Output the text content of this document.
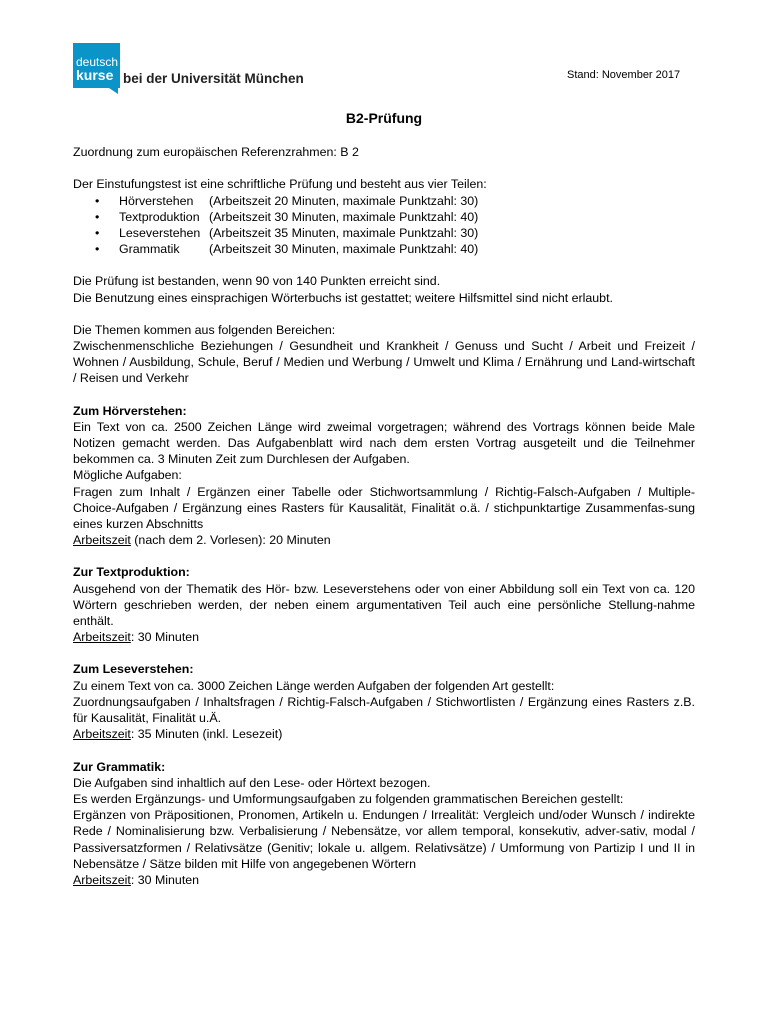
deutsch
kurse bei der Universität München	Stand: November 2017
B2-Prüfung

Zuordnung zum europäischen Referenzrahmen: B 2

Der Einstufungstest ist eine schriftliche Prüfung und besteht aus vier Teilen:

• Hörverstehen (Arbeitszeit 20 Minuten, maximale Punktzahl: 30)
• Textproduktion (Arbeitszeit 30 Minuten, maximale Punktzahl: 40)
• Leseverstehen (Arbeitszeit 35 Minuten, maximale Punktzahl: 30)
• Grammatik (Arbeitszeit 30 Minuten, maximale Punktzahl: 40)

Die Prüfung ist bestanden, wenn 90 von 140 Punkten erreicht sind.

Die Benutzung eines einsprachigen Wörterbuchs ist gestattet; weitere Hilfsmittel sind nicht erlaubt.

Die Themen kommen aus folgenden Bereichen:

Zwischenmenschliche Beziehungen / Gesundheit und Krankheit / Genuss und Sucht / Arbeit und Freizeit / Wohnen / Ausbildung, Schule, Beruf / Medien und Werbung / Umwelt und Klima / Ernährung und Land-wirtschaft / Reisen und Verkehr

Zum Hörverstehen:

Ein Text von ca. 2500 Zeichen Länge wird zweimal vorgetragen; während des Vortrags können beide Male Notizen gemacht werden. Das Aufgabenblatt wird nach dem ersten Vortrag ausgeteilt und die Teilnehmer bekommen ca. 3 Minuten Zeit zum Durchlesen der Aufgaben.

Mögliche Aufgaben:

Fragen zum Inhalt / Ergänzen einer Tabelle oder Stichwortsammlung / Richtig-Falsch-Aufgaben / Multiple-Choice-Aufgaben / Ergänzung eines Rasters für Kausalität, Finalität o.ä. / stichpunktartige Zusammenfas-sung eines kurzen Abschnitts

Arbeitszeit (nach dem 2. Vorlesen): 20 Minuten

Zur Textproduktion:

Ausgehend von der Thematik des Hör- bzw. Leseverstehens oder von einer Abbildung soll ein Text von ca. 120 Wörtern geschrieben werden, der neben einem argumentativen Teil auch eine persönliche Stellung-nahme enthält.

Arbeitszeit: 30 Minuten

Zum Leseverstehen:

Zu einem Text von ca. 3000 Zeichen Länge werden Aufgaben der folgenden Art gestellt:

Zuordnungsaufgaben / Inhaltsfragen / Richtig-Falsch-Aufgaben / Stichwortlisten / Ergänzung eines Rasters z.B. für Kausalität, Finalität u.Ä.

Arbeitszeit: 35 Minuten (inkl. Lesezeit)

Zur Grammatik:

Die Aufgaben sind inhaltlich auf den Lese- oder Hörtext bezogen.

Es werden Ergänzungs- und Umformungsaufgaben zu folgenden grammatischen Bereichen gestellt:

Ergänzen von Präpositionen, Pronomen, Artikeln u. Endungen / Irrealität: Vergleich und/oder Wunsch / indirekte Rede / Nominalisierung bzw. Verbalisierung / Nebensätze, vor allem temporal, konsekutiv, adver-sativ, modal / Passiversatzformen / Relativsätze (Genitiv; lokale u. allgem. Relativsätze) / Umformung von Partizip I und II in Nebensätze / Sätze bilden mit Hilfe von angegebenen Wörtern

Arbeitszeit: 30 Minuten
